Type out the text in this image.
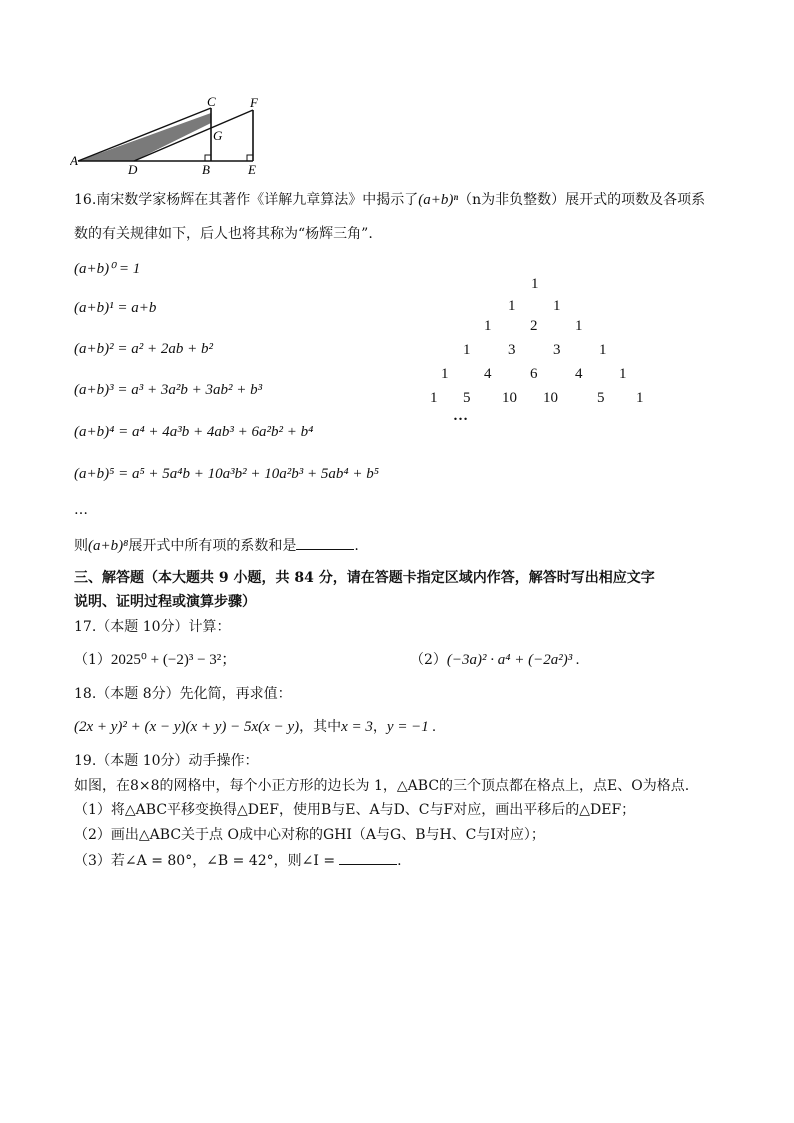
A
C	F
G
D	B	E
16.南宋数学家杨辉在其著作《详解九章算法》中揭示了(a+b)ⁿ（n为非负整数）展开式的项数及各项系
数的有关规律如下，后人也将其称为“杨辉三角”.
(a+b)⁰ = 1
(a+b)¹ = a+b
(a+b)² = a² + 2ab + b²
(a+b)³ = a³ + 3a²b + 3ab² + b³
(a+b)⁴ = a⁴ + 4a³b + 4ab³ + 6a²b² + b⁴
(a+b)⁵ = a⁵ + 5a⁴b + 10a³b² + 10a²b³ + 5ab⁴ + b⁵
…
1
1	1
1	2	1
1	3	3	1
1 4	6	4 1
1 5 10 10	5 1
…
则(a+b)⁸展开式中所有项的系数和是	.
三、解答题（本大题共 9 小题，共 84 分，请在答题卡指定区域内作答，解答时写出相应文字
说明、证明过程或演算步骤）
17.（本题 10分）计算：
（1）2025⁰ + (−2)³ − 3²；	（2）(−3a)² · a⁴ + (−2a²)³ .
18.（本题 8分）先化简，再求值：
(2x + y)² + (x − y)(x + y) − 5x(x − y)，其中x = 3，y = −1 .
19.（本题 10分）动手操作：
如图，在8×8的网格中，每个小正方形的边长为 1，△ABC的三个顶点都在格点上，点E、O为格点.
（1）将△ABC平移变换得△DEF，使用B与E、A与D、C与F对应，画出平移后的△DEF；
（2）画出△ABC关于点 O成中心对称的GHI（A与G、B与H、C与I对应）；
（3）若∠A = 80°，∠B = 42°，则∠I =	.
